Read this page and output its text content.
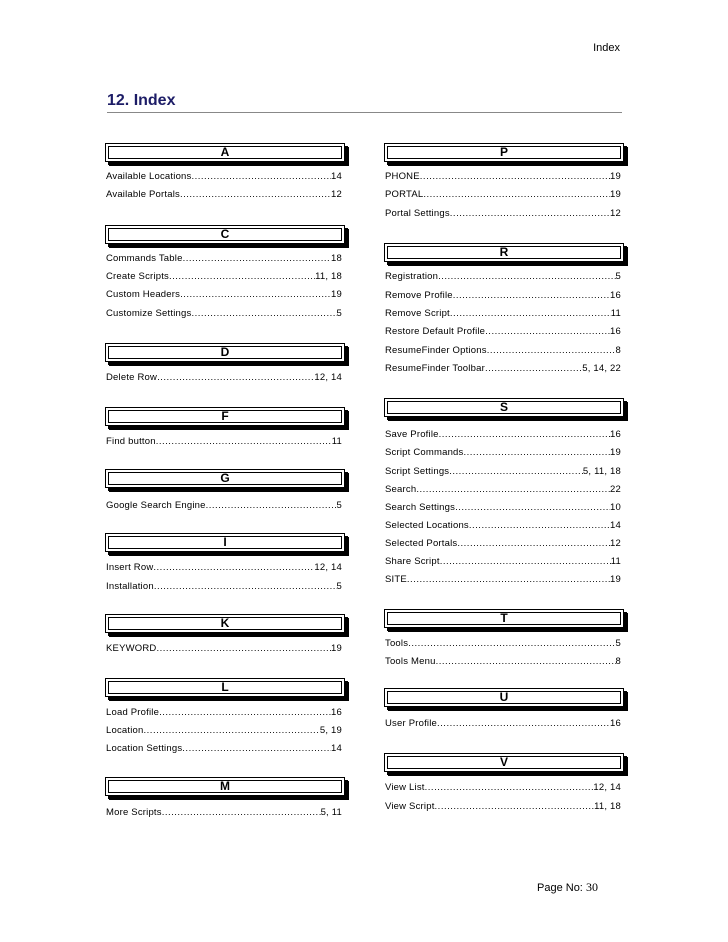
Index
12. Index
A
Available Locations .....	14
Available Portals .....	12
C
Commands Table .....	18
Create Scripts .....	11, 18
Custom Headers .....	19
Customize Settings .....	5
D
Delete Row .....	12, 14
F
Find button .....	11
G
Google Search Engine .....	5
I
Insert Row .....	12, 14
Installation .....	5
K
KEYWORD .....	19
L
Load Profile .....	16
Location .....	5, 19
Location Settings .....	14
M
More Scripts .....	5, 11
P
PHONE .....	19
PORTAL .....	19
Portal Settings .....	12
R
Registration .....	5
Remove Profile .....	16
Remove Script .....	11
Restore Default Profile .....	16
ResumeFinder Options .....	8
ResumeFinder Toolbar .....	5, 14, 22
S
Save Profile .....	16
Script Commands .....	19
Script Settings .....	5, 11, 18
Search .....	22
Search Settings .....	10
Selected Locations .....	14
Selected Portals .....	12
Share Script .....	11
SITE .....	19
T
Tools .....	5
Tools Menu .....	8
U
User Profile .....	16
V
View List .....	12, 14
View Script .....	11, 18
Page No: 30
